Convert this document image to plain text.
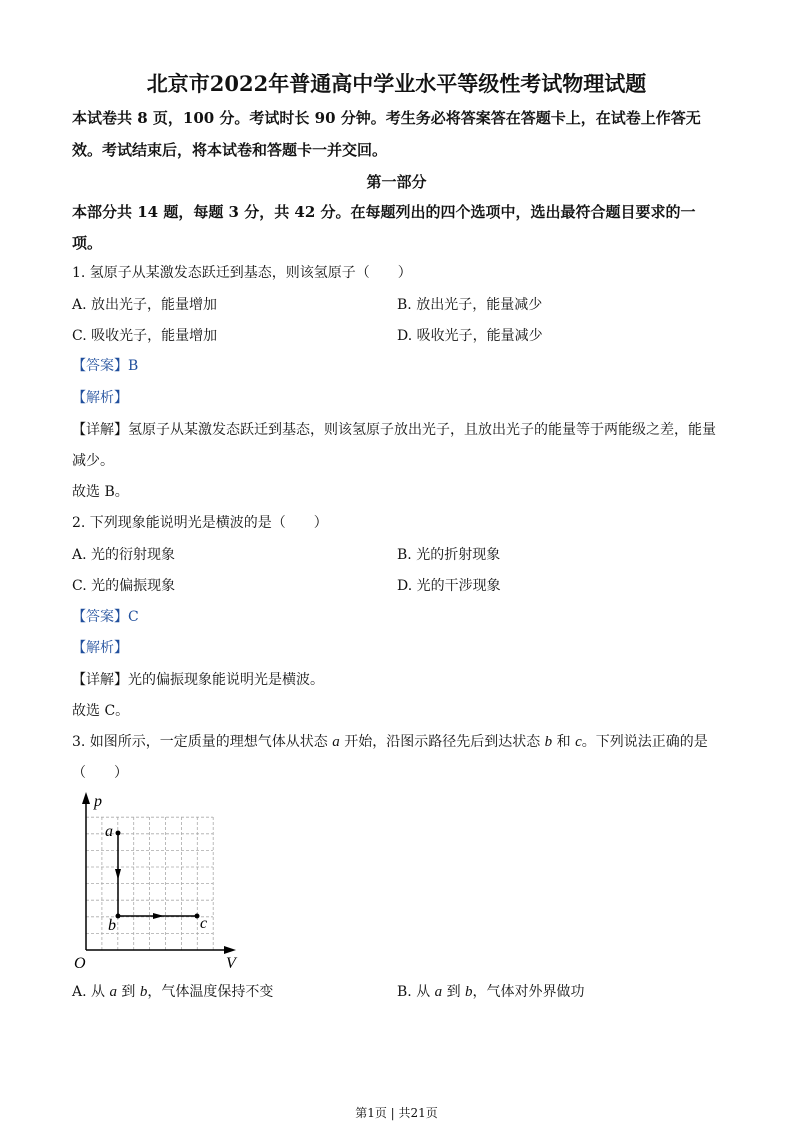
北京市2022年普通高中学业水平等级性考试物理试题
本试卷共 8 页，100 分。考试时长 90 分钟。考生务必将答案答在答题卡上，在试卷上作答无
效。考试结束后，将本试卷和答题卡一并交回。
第一部分
本部分共 14 题，每题 3 分，共 42 分。在每题列出的四个选项中，选出最符合题目要求的一
项。
1. 氢原子从某激发态跃迁到基态，则该氢原子（　　）
A. 放出光子，能量增加	B. 放出光子，能量减少
C. 吸收光子，能量增加	D. 吸收光子，能量减少
【答案】B
【解析】
【详解】氢原子从某激发态跃迁到基态，则该氢原子放出光子，且放出光子的能量等于两能级之差，能量
减少。
故选 B。
2. 下列现象能说明光是横波的是（　　）
A. 光的衍射现象	B. 光的折射现象
C. 光的偏振现象	D. 光的干涉现象
【答案】C
【解析】
【详解】光的偏振现象能说明光是横波。
故选 C。
3. 如图所示，一定质量的理想气体从状态 a 开始，沿图示路径先后到达状态 b 和 c。下列说法正确的是
（　　）
p
a
b	c
O	V
A. 从 a 到 b，气体温度保持不变	B. 从 a 到 b，气体对外界做功
第1页 | 共21页
